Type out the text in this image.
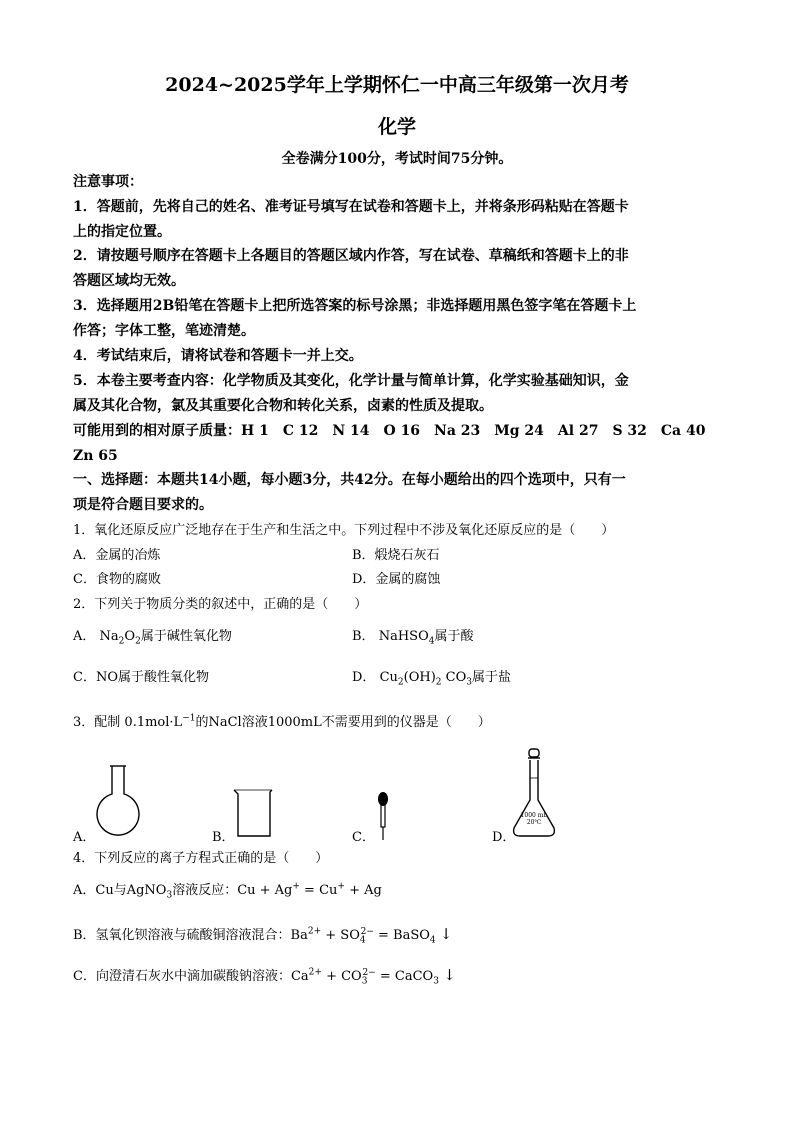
2024~2025学年上学期怀仁一中高三年级第一次月考
化学
全卷满分100分，考试时间75分钟。
注意事项：
1．答题前，先将自己的姓名、准考证号填写在试卷和答题卡上，并将条形码粘贴在答题卡
上的指定位置。
2．请按题号顺序在答题卡上各题目的答题区域内作答，写在试卷、草稿纸和答题卡上的非
答题区域均无效。
3．选择题用2B铅笔在答题卡上把所选答案的标号涂黑；非选择题用黑色签字笔在答题卡上
作答；字体工整，笔迹清楚。
4．考试结束后，请将试卷和答题卡一并上交。
5．本卷主要考查内容：化学物质及其变化，化学计量与简单计算，化学实验基础知识，金
属及其化合物，氯及其重要化合物和转化关系，卤素的性质及提取。
可能用到的相对原子质量：H 1　C 12　N 14　O 16　Na 23　Mg 24　Al 27　S 32　Ca 40
Zn 65
一、选择题：本题共14小题，每小题3分，共42分。在每小题给出的四个选项中，只有一
项是符合题目要求的。
1．氧化还原反应广泛地存在于生产和生活之中。下列过程中不涉及氧化还原反应的是（　　）
A．金属的冶炼	B．煅烧石灰石
C．食物的腐败	D．金属的腐蚀
2．下列关于物质分类的叙述中，正确的是（　　）
A． $Na_2O_2$属于碱性氧化物	B． NaHSO$_4$属于酸
C．NO属于酸性氧化物	D． $Cu_2(OH)_2$ $CO_3$属于盐
3．配制 $0.1mol\cdot L^{-1}$的NaCl溶液1000mL不需要用到的仪器是（　　）
A．	B．	C．	D．
1000 mL
20℃
4．下列反应的离子方程式正确的是（　　）
A．Cu与AgNO$_3$溶液反应：Cu + Ag+ = Cu+ + Ag
B．氢氧化钡溶液与硫酸铜溶液混合：$Ba^{2+} + SO_4^{2-}$ = BaSO$_4$ ↓
C．向澄清石灰水中滴加碳酸钠溶液：$Ca^{2+} + CO_3^{2-}$ = CaCO$_3$ ↓
